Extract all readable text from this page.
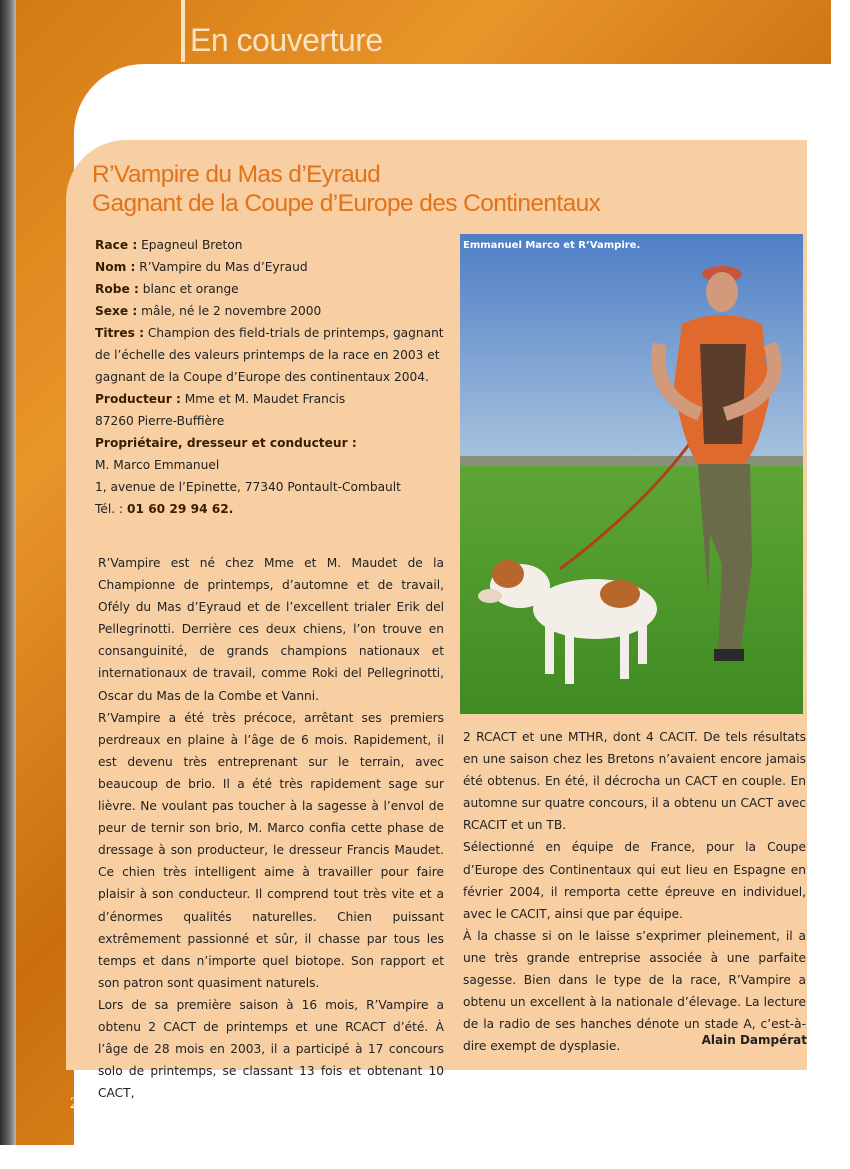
En couverture
R’Vampire du Mas d’Eyraud
Gagnant de la Coupe d’Europe des Continentaux
Race : Epagneul Breton
Nom : R’Vampire du Mas d’Eyraud
Robe : blanc et orange
Sexe : mâle, né le 2 novembre 2000
Titres : Champion des field-trials de printemps, gagnant de l’échelle des valeurs printemps de la race en 2003 et gagnant de la Coupe d’Europe des continentaux 2004.
Producteur : Mme et M. Maudet Francis
87260 Pierre-Buffière
Propriétaire, dresseur et conducteur :
M. Marco Emmanuel
1, avenue de l’Epinette, 77340 Pontault-Combault
Tél. : 01 60 29 94 62.
Emmanuel Marco et R’Vampire.

R’Vampire est né chez Mme et M. Maudet de la Championne de printemps, d’automne et de travail, Ofély du Mas d’Eyraud et de l’excellent trialer Erik del Pellegrinotti. Derrière ces deux chiens, l’on trouve en consanguinité, de grands champions nationaux et internationaux de travail, comme Roki del Pellegrinotti, Oscar du Mas de la Combe et Vanni.

R’Vampire a été très précoce, arrêtant ses premiers perdreaux en plaine à l’âge de 6 mois. Rapidement, il est devenu très entreprenant sur le terrain, avec beaucoup de brio. Il a été très rapidement sage sur lièvre. Ne voulant pas toucher à la sagesse à l’envol de peur de ternir son brio, M. Marco confia cette phase de dressage à son producteur, le dresseur Francis Maudet. Ce chien très intelligent aime à travailler pour faire plaisir à son conducteur. Il comprend tout très vite et a d’énormes qualités naturelles. Chien puissant extrêmement passionné et sûr, il chasse par tous les temps et dans n’importe quel biotope. Son rapport et son patron sont quasiment naturels.

Lors de sa première saison à 16 mois, R’Vampire a obtenu 2 CACT de printemps et une RCACT d’été. À l’âge de 28 mois en 2003, il a participé à 17 concours solo de printemps, se classant 13 fois et obtenant 10 CACT,

2 RCACT et une MTHR, dont 4 CACIT. De tels résultats en une saison chez les Bretons n’avaient encore jamais été obtenus. En été, il décrocha un CACT en couple. En automne sur quatre concours, il a obtenu un CACT avec RCACIT et un TB.

Sélectionné en équipe de France, pour la Coupe d’Europe des Continentaux qui eut lieu en Espagne en février 2004, il remporta cette épreuve en individuel, avec le CACIT, ainsi que par équipe.

À la chasse si on le laisse s’exprimer pleinement, il a une très grande entreprise associée à une parfaite sagesse. Bien dans le type de la race, R’Vampire a obtenu un excellent à la nationale d’élevage. La lecture de la radio de ses hanches dénote un stade A, c’est-à-dire exempt de dysplasie.	Alain Dampérat
22
